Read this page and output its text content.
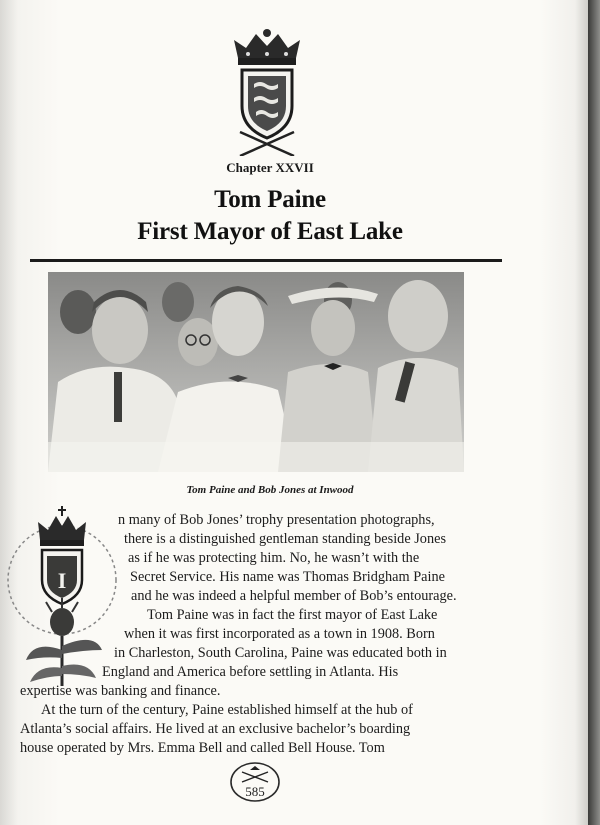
Chapter XXVII
Tom Paine
First Mayor of East Lake
Tom Paine and Bob Jones at Inwood
I
n many of Bob Jones’ trophy presentation photographs,
there is a distinguished gentleman standing beside Jones
as if he was protecting him. No, he wasn’t with the
Secret Service. His name was Thomas Bridgham Paine
and he was indeed a helpful member of Bob’s entourage.
Tom Paine was in fact the first mayor of East Lake
when it was first incorporated as a town in 1908. Born
in Charleston, South Carolina, Paine was educated both in
England and America before settling in Atlanta. His
expertise was banking and finance.
At the turn of the century, Paine established himself at the hub of
Atlanta’s social affairs. He lived at an exclusive bachelor’s boarding
house operated by Mrs. Emma Bell and called Bell House. Tom
585
